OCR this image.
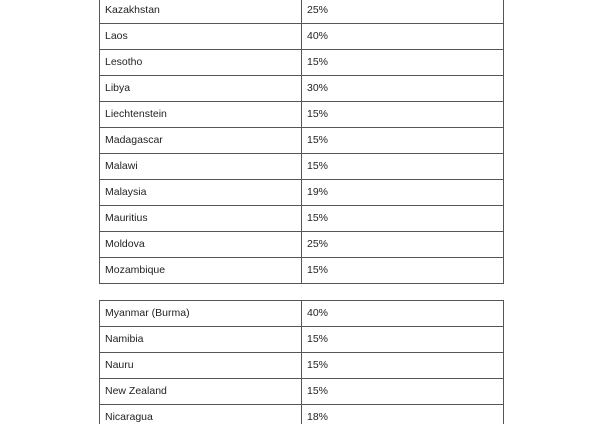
Kazakhstan	25%
Laos	40%
Lesotho	15%
Libya	30%
Liechtenstein	15%
Madagascar	15%
Malawi	15%
Malaysia	19%
Mauritius	15%
Moldova	25%
Mozambique	15%
Myanmar (Burma)	40%
Namibia	15%
Nauru	15%
New Zealand	15%
Nicaragua	18%
